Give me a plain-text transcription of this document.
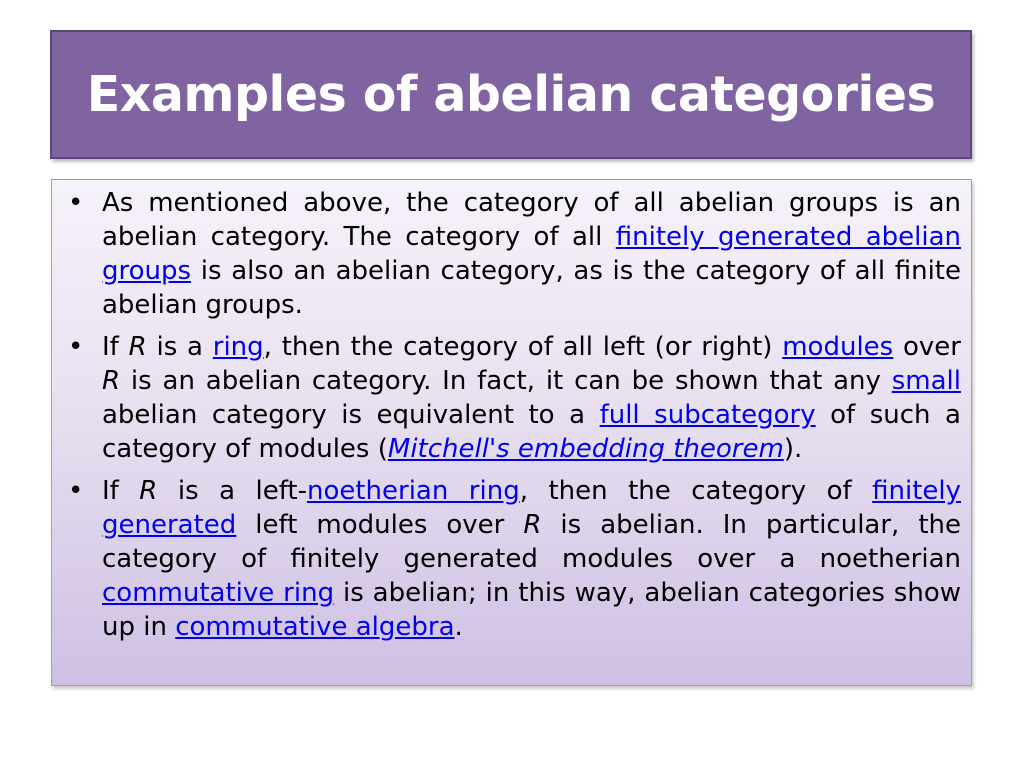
Examples of abelian categories
• As mentioned above, the category of all abelian groups is an abelian category. The category of all finitely generated abelian groups is also an abelian category, as is the category of all finite abelian groups.
• If R is a ring, then the category of all left (or right) modules over R is an abelian category. In fact, it can be shown that any small abelian category is equivalent to a full subcategory of such a category of modules (Mitchell's embedding theorem).
• If R is a left-noetherian ring, then the category of finitely generated left modules over R is abelian. In particular, the category of finitely generated modules over a noetherian commutative ring is abelian; in this way, abelian categories show up in commutative algebra.
